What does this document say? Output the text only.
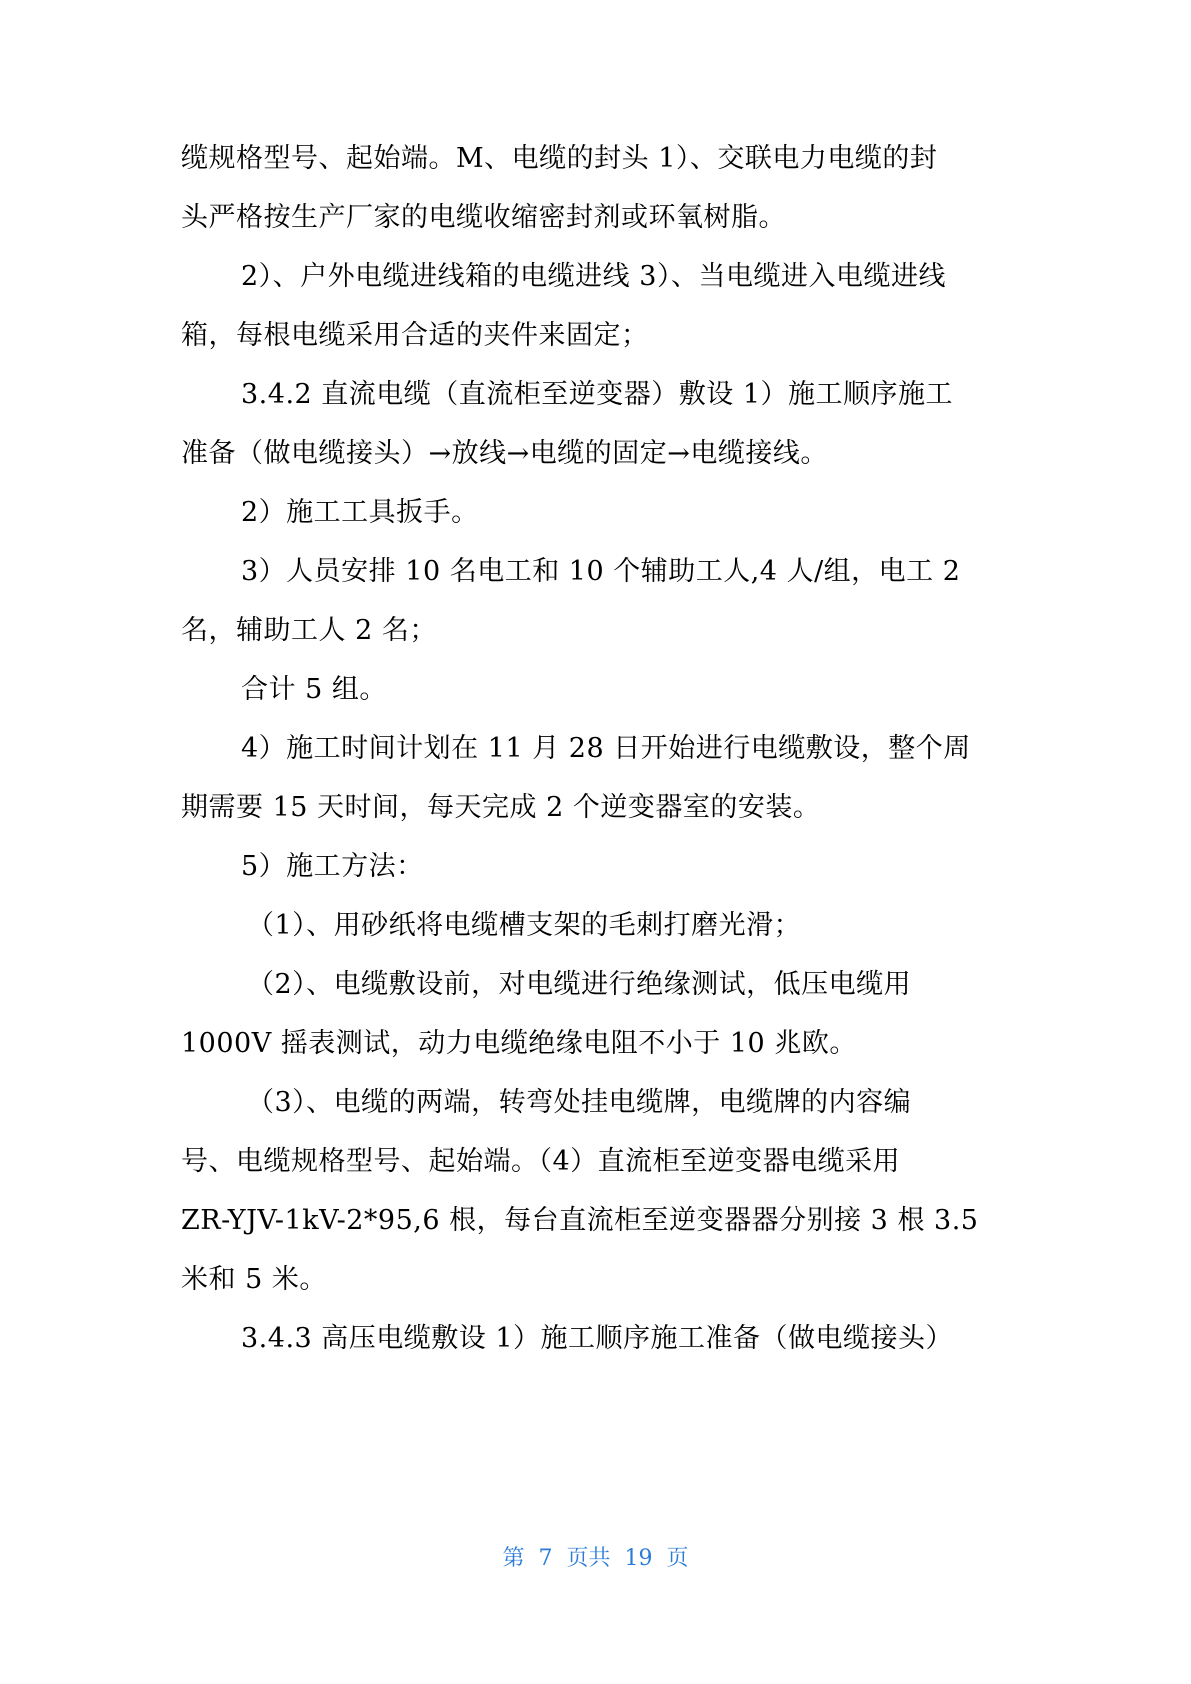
缆规格型号、起始端。M、电缆的封头 1）、交联电力电缆的封
头严格按生产厂家的电缆收缩密封剂或环氧树脂。
2）、户外电缆进线箱的电缆进线 3）、当电缆进入电缆进线
箱，每根电缆采用合适的夹件来固定；
3.4.2 直流电缆（直流柜至逆变器）敷设 1）施工顺序施工
准备（做电缆接头）→放线→电缆的固定→电缆接线。
2）施工工具扳手。
3）人员安排 10 名电工和 10 个辅助工人,4 人/组，电工 2
名，辅助工人 2 名；
合计 5 组。
4）施工时间计划在 11 月 28 日开始进行电缆敷设，整个周
期需要 15 天时间，每天完成 2 个逆变器室的安装。
5）施工方法：
（1）、用砂纸将电缆槽支架的毛刺打磨光滑；
（2）、电缆敷设前，对电缆进行绝缘测试，低压电缆用
1000V 摇表测试，动力电缆绝缘电阻不小于 10 兆欧。
（3）、电缆的两端，转弯处挂电缆牌，电缆牌的内容编
号、电缆规格型号、起始端。（4）直流柜至逆变器电缆采用
ZR-YJV-1kV-2*95,6 根，每台直流柜至逆变器器分别接 3 根 3.5
米和 5 米。
3.4.3 高压电缆敷设 1）施工顺序施工准备（做电缆接头）
第  7  页共  19  页
